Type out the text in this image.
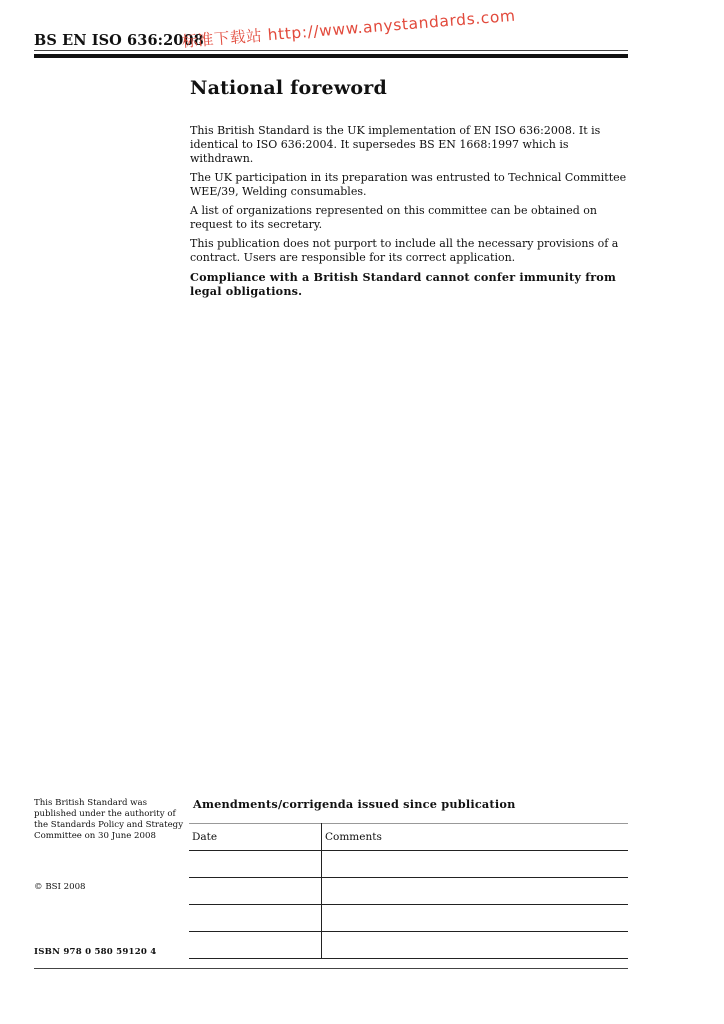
BS EN ISO 636:2008
标准下载站 http://www.anystandards.com
National foreword

This British Standard is the UK implementation of EN ISO 636:2008. It is identical to ISO 636:2004. It supersedes BS EN 1668:1997 which is withdrawn.

The UK participation in its preparation was entrusted to Technical Committee WEE/39, Welding consumables.

A list of organizations represented on this committee can be obtained on request to its secretary.

This publication does not purport to include all the necessary provisions of a contract. Users are responsible for its correct application.

Compliance with a British Standard cannot confer immunity from legal obligations.

This British Standard was published under the authority of the Standards Policy and Strategy Committee on 30 June 2008
© BSI 2008
ISBN 978 0 580 59120 4
Amendments/corrigenda issued since publication
Date	Comments
